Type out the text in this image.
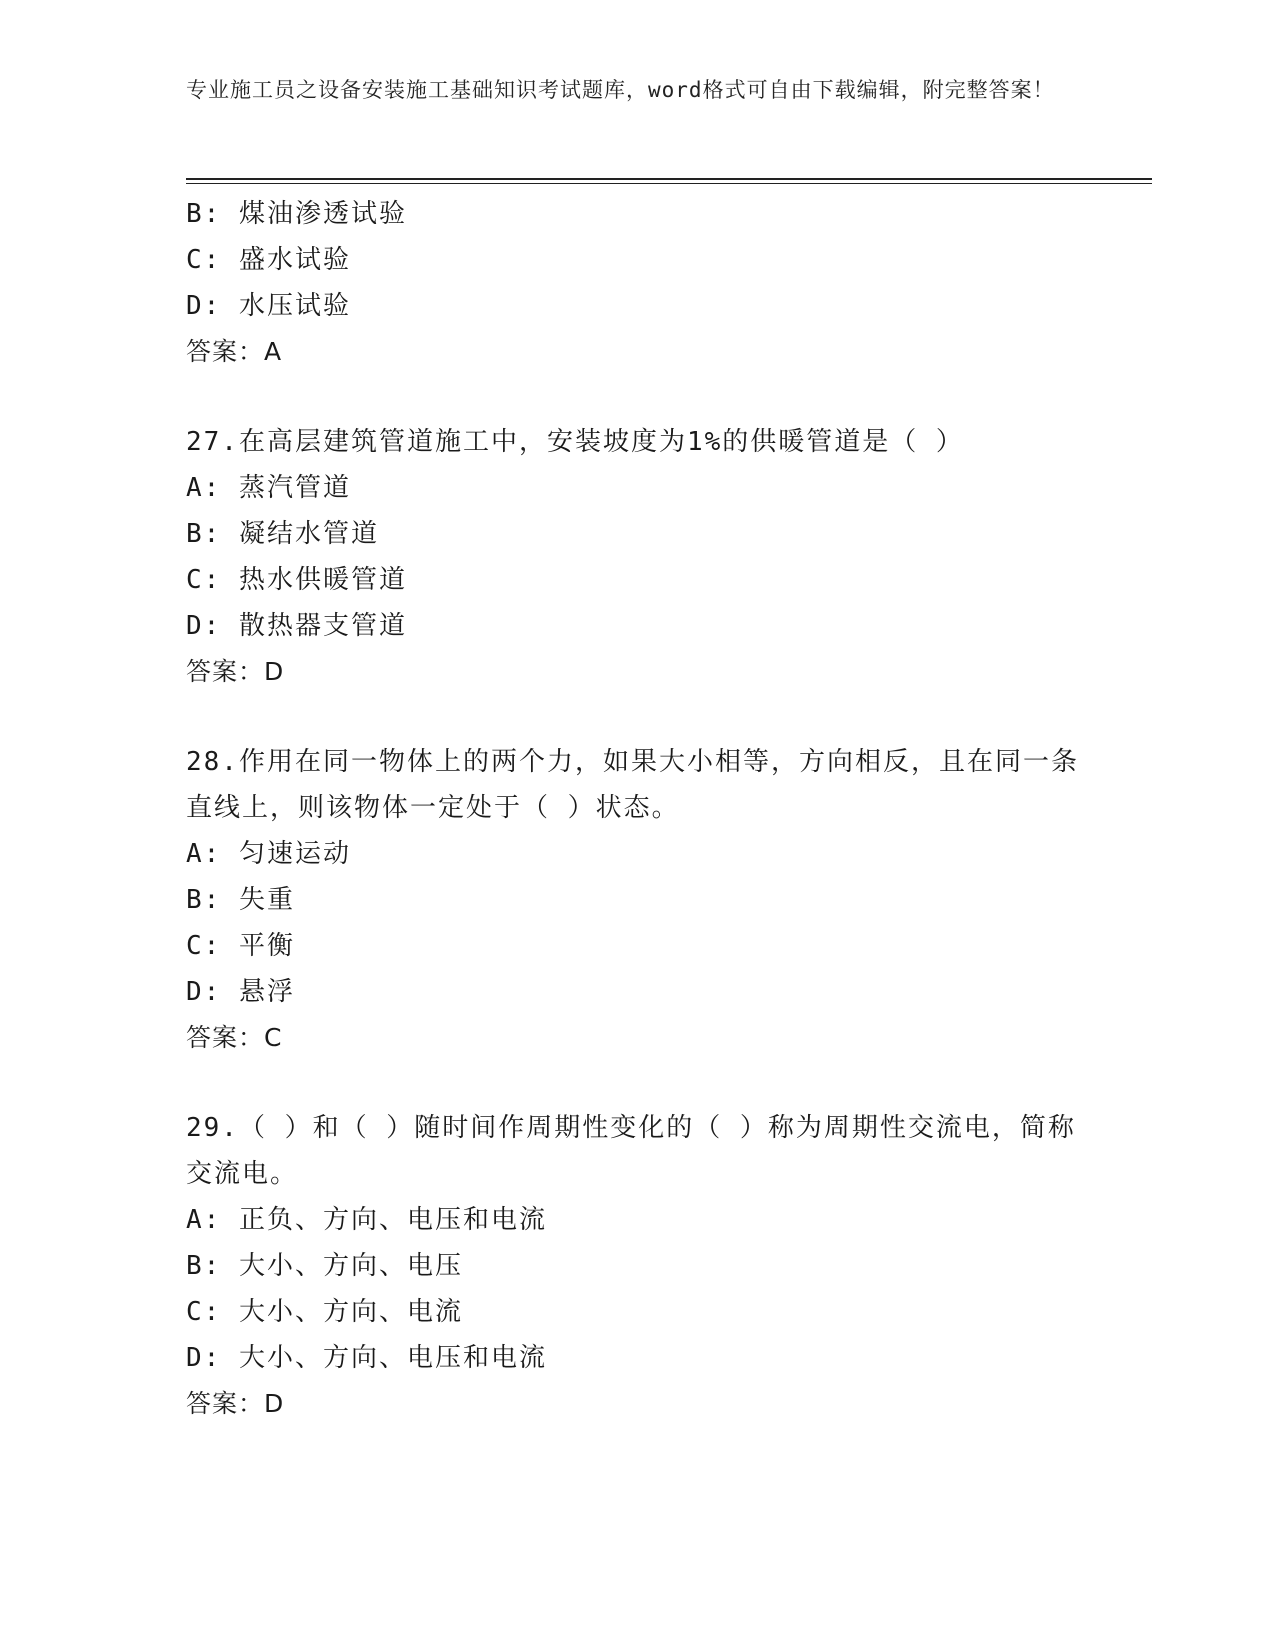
专业施工员之设备安装施工基础知识考试题库，word格式可自由下载编辑，附完整答案！
B: 煤油渗透试验
C: 盛水试验
D: 水压试验
答案：A
27.在高层建筑管道施工中，安装坡度为1%的供暖管道是（ ）
A: 蒸汽管道
B: 凝结水管道
C: 热水供暖管道
D: 散热器支管道
答案：D
28.作用在同一物体上的两个力，如果大小相等，方向相反，且在同一条直线上，则该物体一定处于（ ）状态。
A: 匀速运动
B: 失重
C: 平衡
D: 悬浮
答案：C
29.（ ）和（ ）随时间作周期性变化的（ ）称为周期性交流电，简称交流电。
A: 正负、方向、电压和电流
B: 大小、方向、电压
C: 大小、方向、电流
D: 大小、方向、电压和电流
答案：D
